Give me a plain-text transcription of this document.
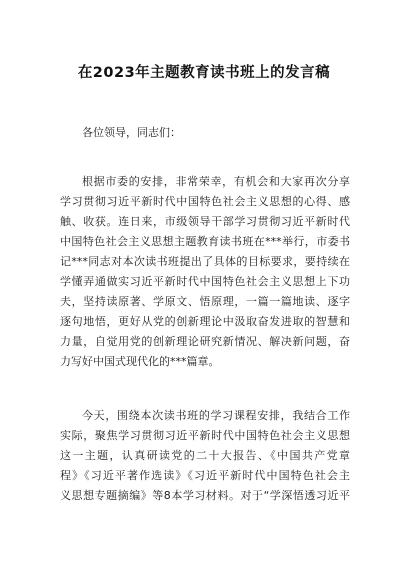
在2023年主题教育读书班上的发言稿
各位领导，同志们：
根据市委的安排，非常荣幸，有机会和大家再次分享
学习贯彻习近平新时代中国特色社会主义思想的心得、感
触、收获。连日来，市级领导干部学习贯彻习近平新时代
中国特色社会主义思想主题教育读书班在***举行，市委书
记***同志对本次读书班提出了具体的目标要求，要持续在
学懂弄通做实习近平新时代中国特色社会主义思想上下功
夫，坚持读原著、学原文、悟原理，一篇一篇地读、逐字
逐句地悟，更好从党的创新理论中汲取奋发进取的智慧和
力量，自觉用党的创新理论研究新情况、解决新问题，奋
力写好中国式现代化的***篇章。
今天，围绕本次读书班的学习课程安排，我结合工作
实际，聚焦学习贯彻习近平新时代中国特色社会主义思想
这一主题，认真研读党的二十大报告、《中国共产党章
程》《习近平著作选读》《习近平新时代中国特色社会主
义思想专题摘编》等8本学习材料。对于“学深悟透习近平
